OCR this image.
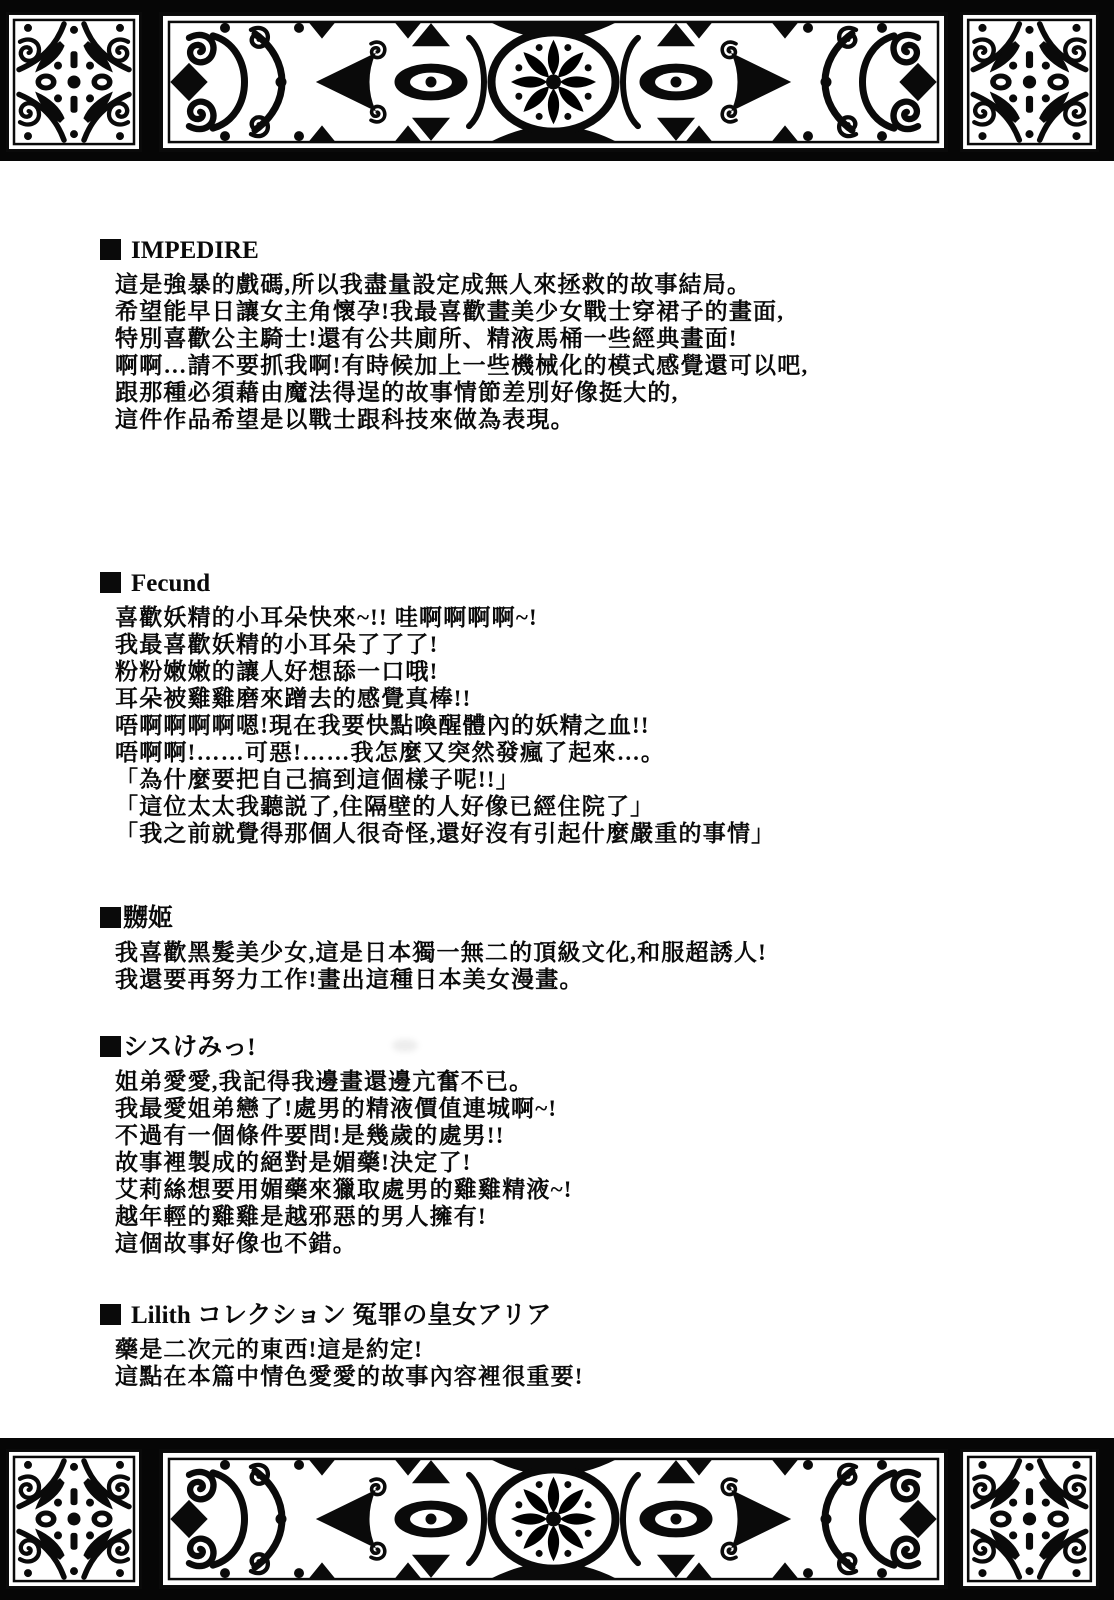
IMPEDIRE
這是強暴的戲碼,所以我盡量設定成無人來拯救的故事結局。
希望能早日讓女主角懷孕!我最喜歡畫美少女戰士穿裙子的畫面,
特別喜歡公主騎士!還有公共廁所、精液馬桶一些經典畫面!
啊啊…請不要抓我啊!有時候加上一些機械化的模式感覺還可以吧,
跟那種必須藉由魔法得逞的故事情節差別好像挺大的,
這件作品希望是以戰士跟科技來做為表現。
Fecund
喜歡妖精的小耳朵快來~!! 哇啊啊啊啊~!
我最喜歡妖精的小耳朵了了了!
粉粉嫩嫩的讓人好想舔一口哦!
耳朵被雞雞磨來蹭去的感覺真棒!!
唔啊啊啊啊嗯!現在我要快點喚醒體內的妖精之血!!
唔啊啊!……可惡!……我怎麼又突然發瘋了起來…。
「為什麼要把自己搞到這個樣子呢!!」
「這位太太我聽説了,住隔壁的人好像已經住院了」
「我之前就覺得那個人很奇怪,還好沒有引起什麼嚴重的事情」
嬲姬
我喜歡黑髮美少女,這是日本獨一無二的頂級文化,和服超誘人!
我還要再努力工作!畫出這種日本美女漫畫。
シスけみっ!
姐弟愛愛,我記得我邊畫還邊亢奮不已。
我最愛姐弟戀了!處男的精液價值連城啊~!
不過有一個條件要問!是幾歲的處男!!
故事裡製成的絕對是媚藥!決定了!
艾莉絲想要用媚藥來獵取處男的雞雞精液~!
越年輕的雞雞是越邪惡的男人擁有!
這個故事好像也不錯。
Lilith コレクション 冤罪の皇女アリア
藥是二次元的東西!這是約定!
這點在本篇中情色愛愛的故事內容裡很重要!
